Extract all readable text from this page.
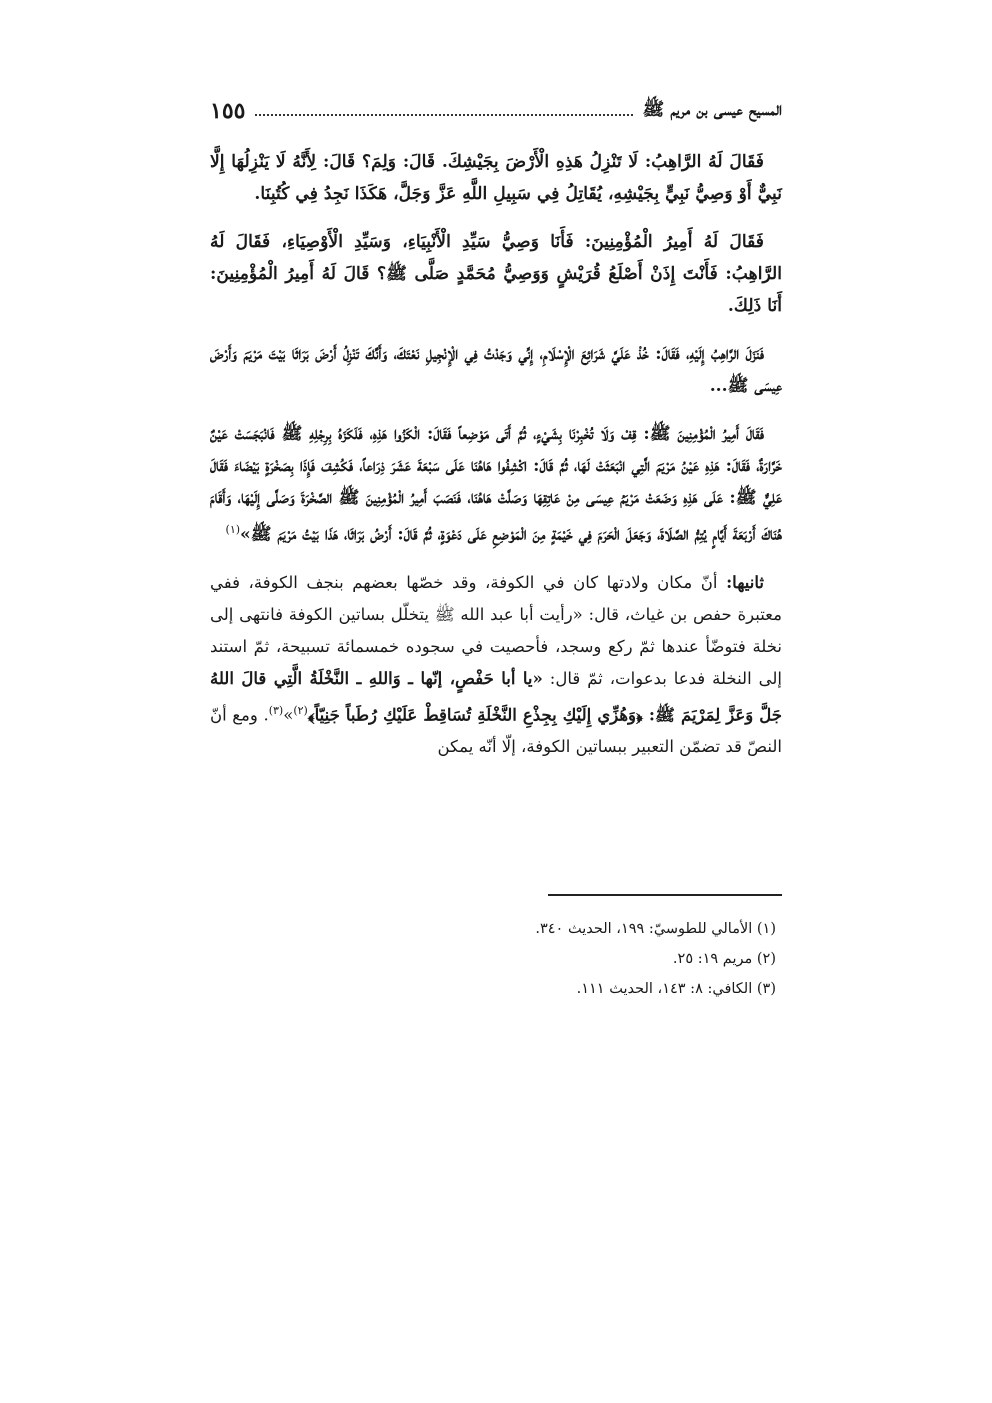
المسيح عيسى بن مريم ﷺ
١٥٥

فَقَالَ لَهُ الرَّاهِبُ: لَا تَنْزِلُ هَذِهِ الْأَرْضَ بِجَيْشِكَ. قَالَ: وَلِمَ؟ قَالَ: لِأَنَّهُ لَا يَنْزِلُهَا إِلَّا نَبِيٌّ أَوْ وَصِيُّ نَبِيٍّ بِجَيْشِهِ، يُقَاتِلُ فِي سَبِيلِ اللَّهِ عَزَّ وَجَلَّ، هَكَذَا نَجِدُ فِي كُتُبِنَا.

فَقَالَ لَهُ أَمِيرُ الْمُؤْمِنِينَ: فَأَنَا وَصِيُّ سَيِّدِ الْأَنْبِيَاءِ، وَسَيِّدِ الْأَوْصِيَاءِ، فَقَالَ لَهُ الرَّاهِبُ: فَأَنْتَ إِذَنْ أَصْلَعُ قُرَيْشٍ وَوَصِيُّ مُحَمَّدٍ صَلَّى ﷺ؟ قَالَ لَهُ أَمِيرُ الْمُؤْمِنِينَ: أَنَا ذَلِكَ.

فَنَزَلَ الرَّاهِبُ إِلَيْهِ، فَقَالَ: خُذْ عَلَيَّ شَرَائِعَ الْإِسْلَامِ، إِنِّي وَجَدْتُ فِي الْإِنْجِيلِ نَعْتَكَ، وَأَنَّكَ تَنْزِلُ أَرْضَ بَرَاثَا بَيْتَ مَرْيَمَ وَأَرْضَ عِيسَى ﷺ...

فَقَالَ أَمِيرُ الْمُؤْمِنِينَ ﷺ: قِفْ وَلَا تُخْبِرْنَا بِشَيْءٍ، ثُمَّ أَتَى مَوْضِعاً فَقَالَ: الْكَزُوا هَذِهِ، فَلَكَزَهُ بِرِجْلِهِ ﷺ فَانْبَجَسَتْ عَيْنٌ خَرَّارَةٌ، فَقَالَ: هَذِهِ عَيْنُ مَرْيَمَ الَّتِي انْبَعَثَتْ لَهَا، ثُمَّ قَالَ: اكْشِفُوا هَاهُنَا عَلَى سَبْعَةَ عَشَرَ ذِرَاعاً، فَكُشِفَ فَإِذَا بِصَخْرَةٍ بَيْضَاءَ فَقَالَ عَلِيٌّ ﷺ: عَلَى هَذِهِ وَضَعَتْ مَرْيَمُ عِيسَى مِنْ عَاتِقِهَا وَصَلَّتْ هَاهُنَا، فَنَصَبَ أَمِيرُ الْمُؤْمِنِينَ ﷺ الصَّخْرَةَ وَصَلَّى إِلَيْهَا، وَأَقَامَ هُنَاكَ أَرْبَعَةَ أَيَّامٍ يُتِمُّ الصَّلَاةَ، وَجَعَلَ الْحَرَمَ فِي خَيْمَةٍ مِنَ الْمَوْضِعِ عَلَى دَعْوَةٍ، ثُمَّ قَالَ: أَرْضُ بَرَاثَا، هَذَا بَيْتُ مَرْيَمَ ﷺ»$^{(١)}$

ثانيها: أنّ مكان ولادتها كان في الكوفة، وقد خصّها بعضهم بنجف الكوفة، ففي معتبرة حفص بن غياث، قال: «رأيت أبا عبد الله ﷺ يتخلّل بساتين الكوفة فانتهى إلى نخلة فتوضّأ عندها ثمّ ركع وسجد، فأحصيت في سجوده خمسمائة تسبيحة، ثمّ استند إلى النخلة فدعا بدعوات، ثمّ قال: «يا أبا حَفْصٍ، إنّها ـ وَاللهِ ـ النَّخْلَةُ الَّتِي قالَ اللهُ جَلَّ وَعَزَّ لِمَرْيَمَ ﷺ: ﴿وَهُزِّي إِلَيْكِ بِجِذْعِ النَّخْلَةِ تُسَاقِطْ عَلَيْكِ رُطَباً جَنِيّاً﴾$^{(٢)}$»$^{(٣)}$. ومع أنّ النصّ قد تضمّن التعبير ببساتين الكوفة، إلّا أنّه يمكن

(١) الأمالي للطوسيّ: ١٩٩، الحديث ٣٤٠.
(٢) مريم ١٩: ٢٥.
(٣) الكافي: ٨: ١٤٣، الحديث ١١١.
